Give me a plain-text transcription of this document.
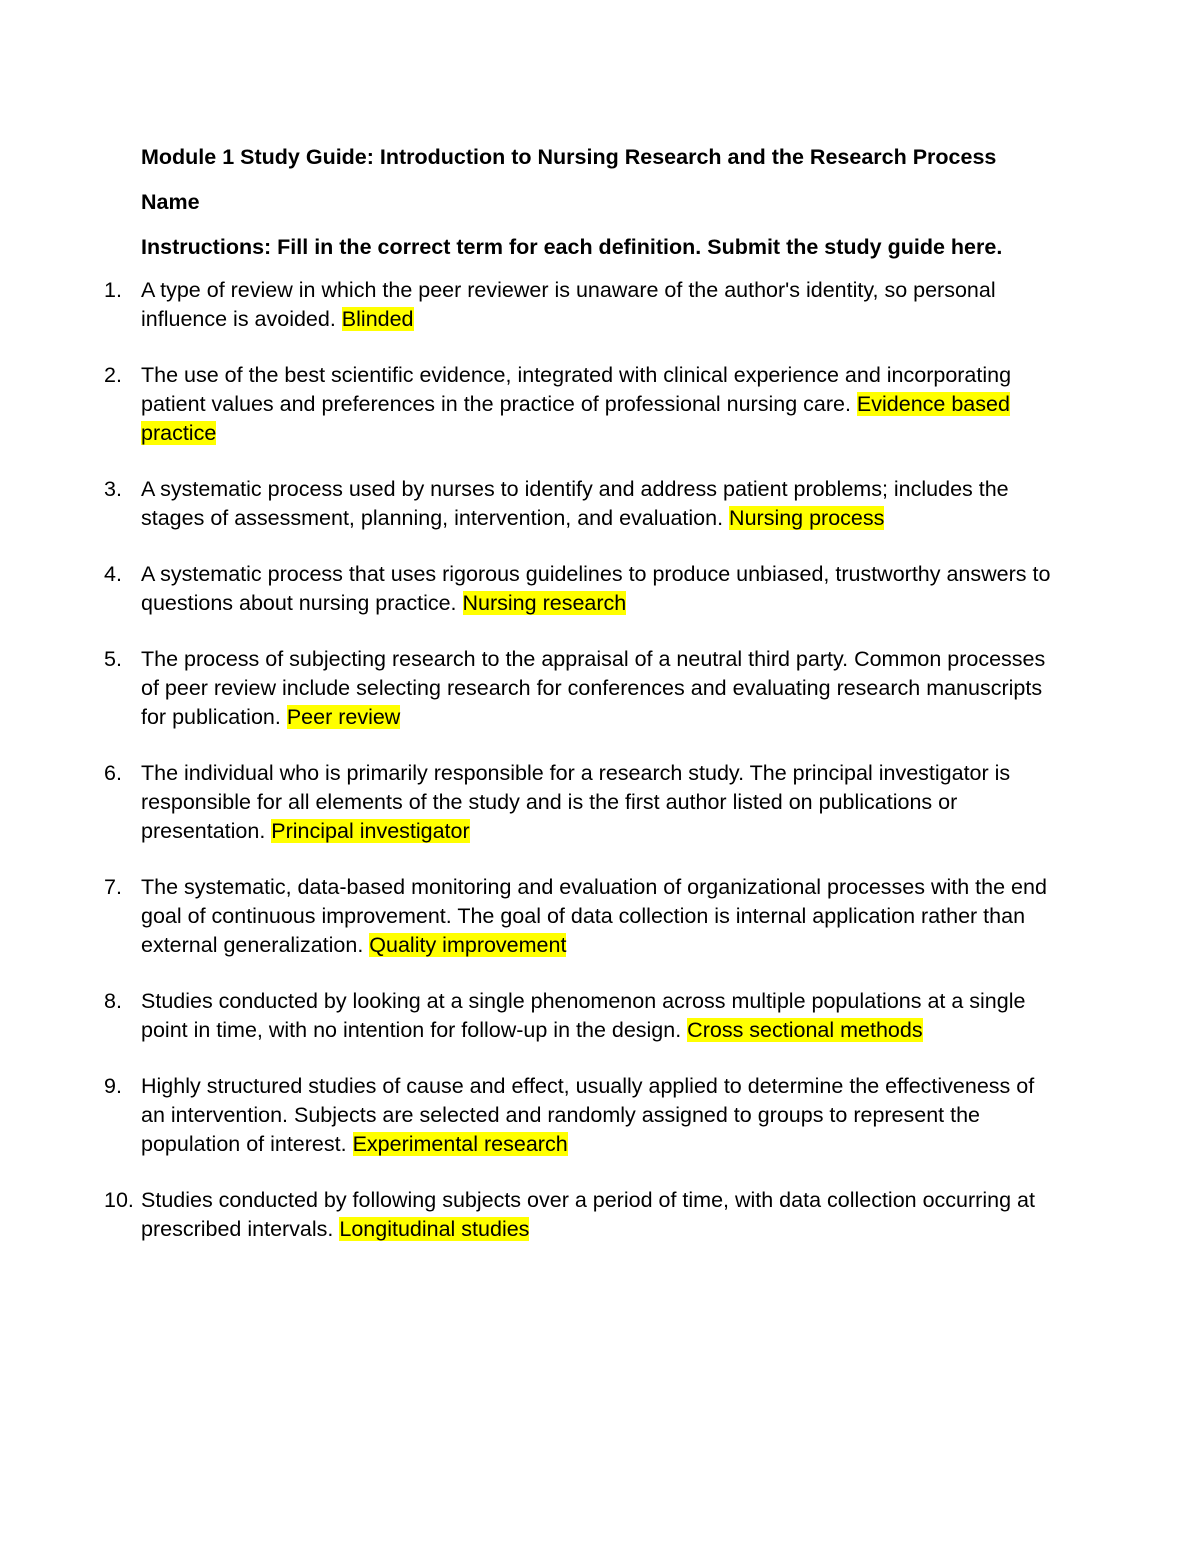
Module 1 Study Guide: Introduction to Nursing Research and the Research Process
Name
Instructions: Fill in the correct term for each definition. Submit the study guide here.
1. A type of review in which the peer reviewer is unaware of the author's identity, so personal influence is avoided. Blinded
2. The use of the best scientific evidence, integrated with clinical experience and incorporating patient values and preferences in the practice of professional nursing care. Evidence based practice
3. A systematic process used by nurses to identify and address patient problems; includes the stages of assessment, planning, intervention, and evaluation. Nursing process
4. A systematic process that uses rigorous guidelines to produce unbiased, trustworthy answers to questions about nursing practice. Nursing research
5. The process of subjecting research to the appraisal of a neutral third party. Common processes of peer review include selecting research for conferences and evaluating research manuscripts for publication. Peer review
6. The individual who is primarily responsible for a research study. The principal investigator is responsible for all elements of the study and is the first author listed on publications or presentation. Principal investigator
7. The systematic, data-based monitoring and evaluation of organizational processes with the end goal of continuous improvement. The goal of data collection is internal application rather than external generalization. Quality improvement
8. Studies conducted by looking at a single phenomenon across multiple populations at a single point in time, with no intention for follow-up in the design. Cross sectional methods
9. Highly structured studies of cause and effect, usually applied to determine the effectiveness of an intervention. Subjects are selected and randomly assigned to groups to represent the population of interest. Experimental research
10. Studies conducted by following subjects over a period of time, with data collection occurring at prescribed intervals. Longitudinal studies
